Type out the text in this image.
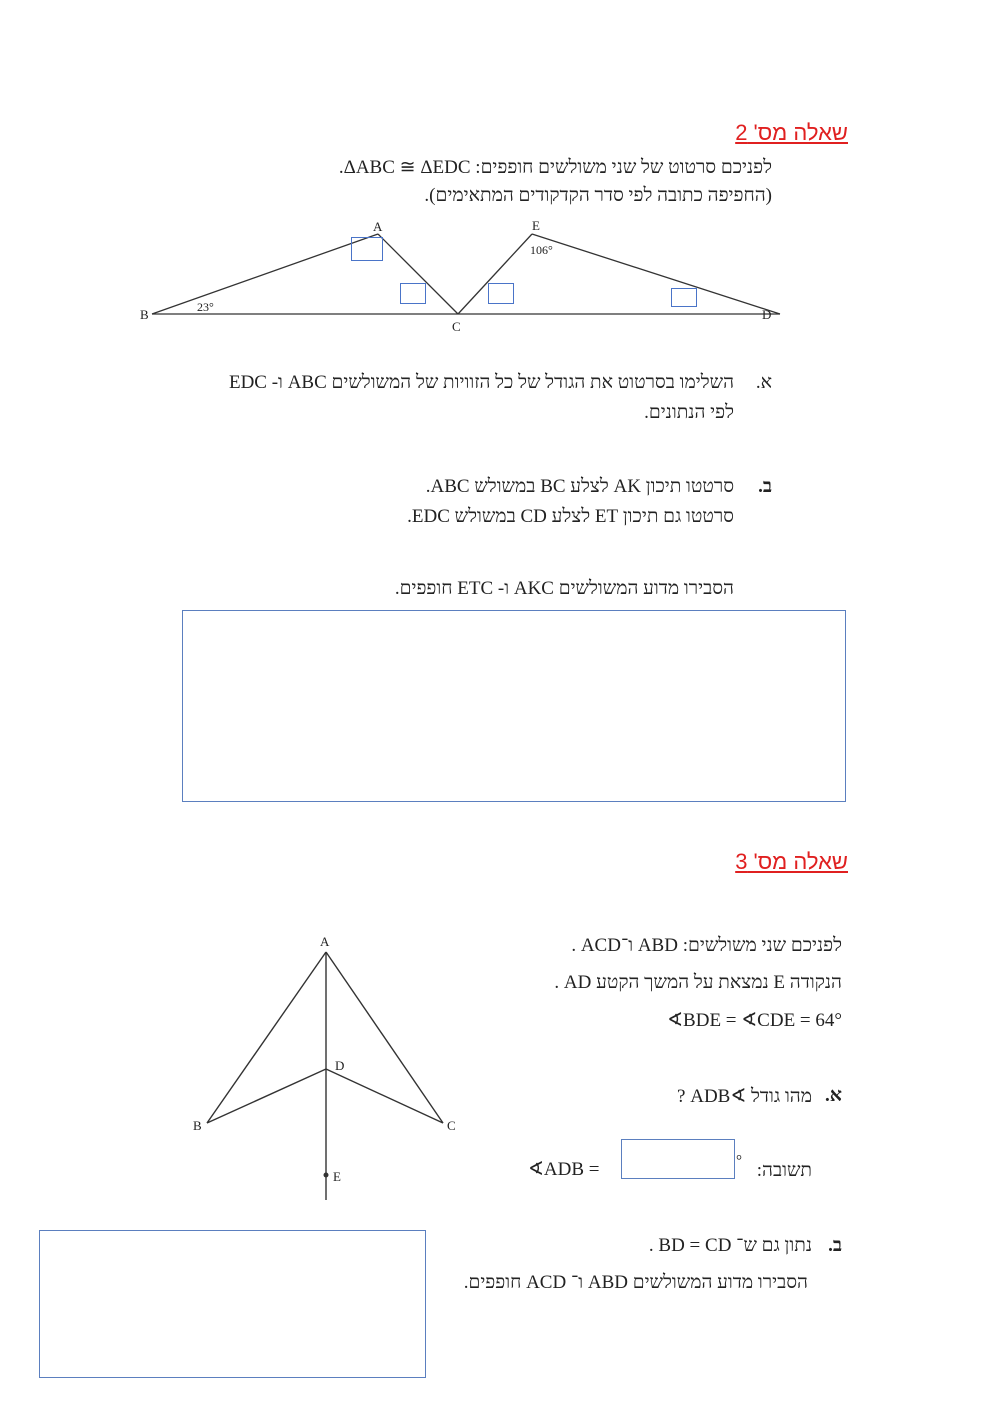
שאלה מס' 2
לפניכם סרטוט של שני משולשים חופפים: ΔABC ≅ ΔEDC.
(החפיפה כתובה לפי סדר הקדקודים המתאימים).
A
B
C
D
E
23°
106°
א.
השלימו בסרטוט את הגודל של כל הזוויות של המשולשים ABC ו- EDC
לפי הנתונים.
ב.
סרטטו תיכון AK לצלע BC במשולש ABC.
סרטטו גם תיכון ET לצלע CD במשולש EDC.
הסבירו מדוע המשולשים AKC ו- ETC חופפים.
שאלה מס' 3
A
B	C
D
E
לפניכם שני משולשים: ABD ו־ACD .
הנקודה E נמצאת על המשך הקטע AD .
∢BDE = ∢CDE = 64°
א.
מהו גודל ∢ADB ?
תשובה:
°
∢ADB =
ב.
נתון גם ש־ BD = CD .
הסבירו מדוע המשולשים ABD ו־ ACD חופפים.
